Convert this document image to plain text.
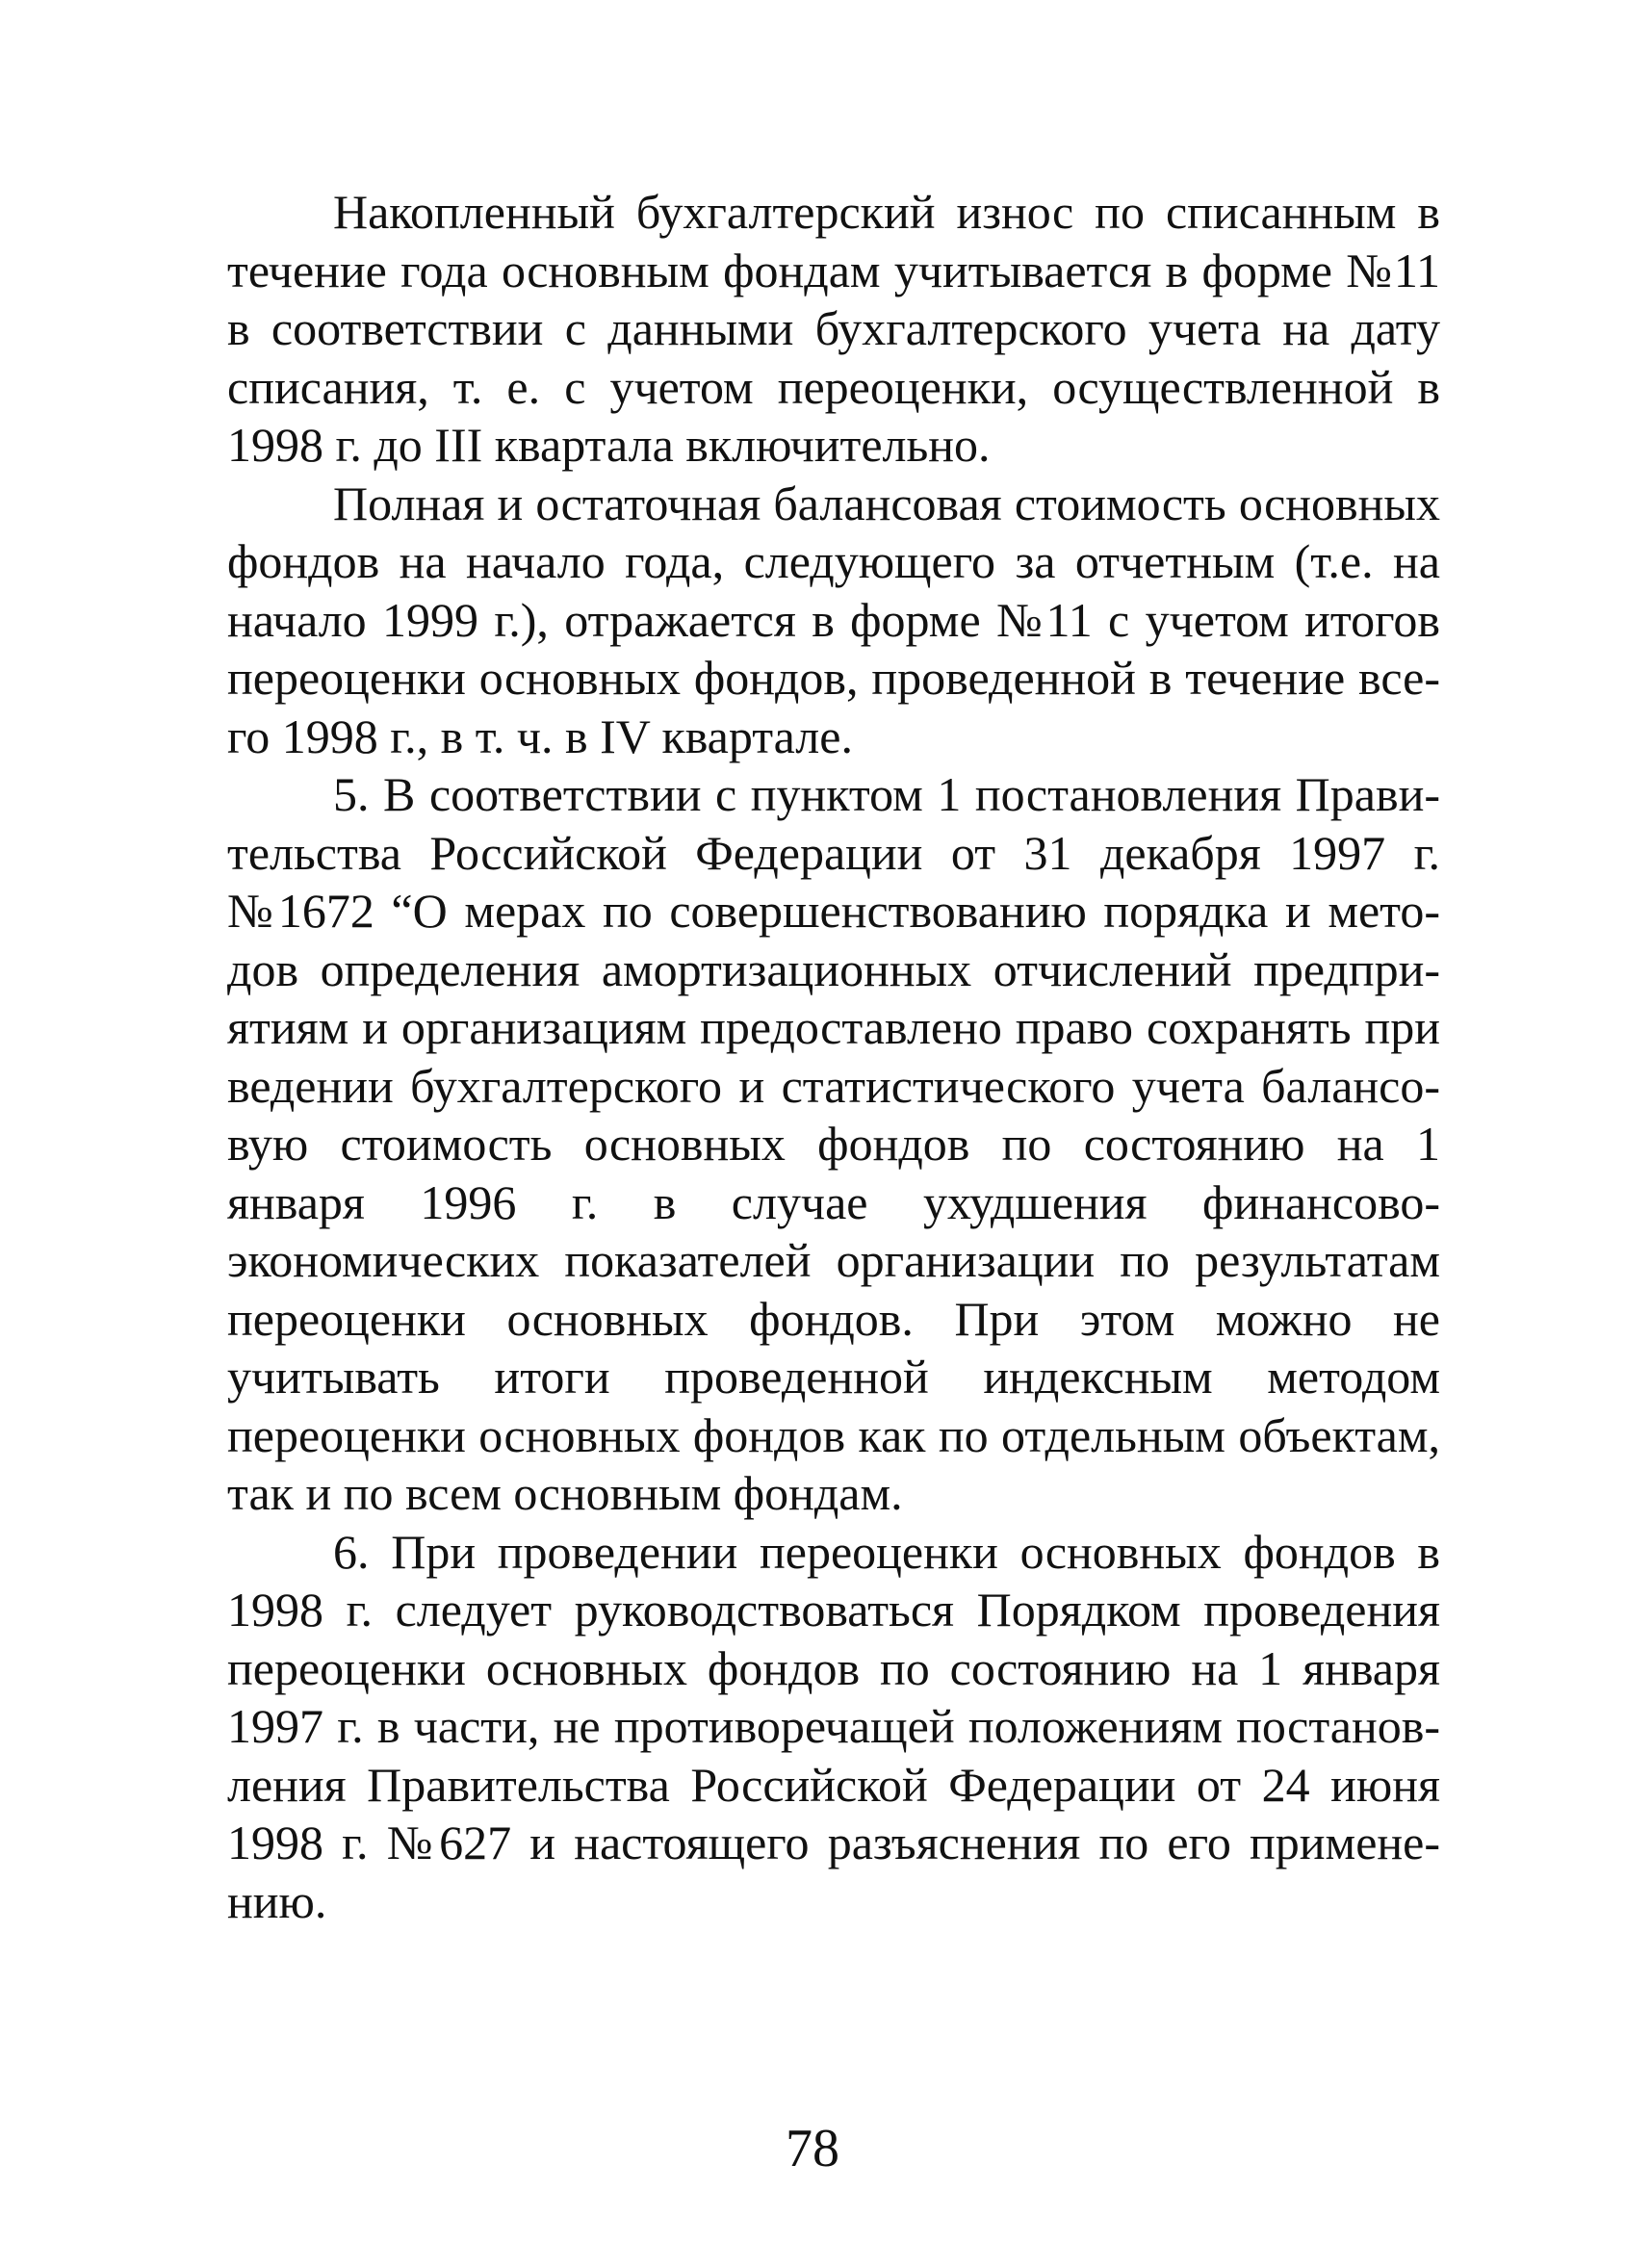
Накопленный бухгалтерский износ по списанным в течение года основным фондам учитывается в форме №11 в соответствии с данными бухгалтерского учета на дату списания, т. е. с учетом переоценки, осуществленной в 1998 г. до III квартала включительно.

Полная и остаточная балансовая стоимость основных фондов на начало года, следующего за отчетным (т.е. на начало 1999 г.), отражается в форме №11 с учетом итогов переоценки основных фондов, проведенной в течение всего 1998 г., в т. ч. в IV квартале.

5. В соответствии с пунктом 1 постановления Правительства Российской Федерации от 31 декабря 1997 г. №1672 “О мерах по совершенствованию порядка и методов определения амортизационных отчислений предприятиям и организациям предоставлено право сохранять при ведении бухгалтерского и статистического учета балансовую стоимость основных фондов по состоянию на 1 января 1996 г. в случае ухудшения финансово-экономических показателей организации по результатам переоценки основных фондов. При этом можно не учитывать итоги проведенной индексным методом переоценки основных фондов как по отдельным объектам, так и по всем основным фондам.

6. При проведении переоценки основных фондов в 1998 г. следует руководствоваться Порядком проведения переоценки основных фондов по состоянию на 1 января 1997 г. в части, не противоречащей положениям постановления Правительства Российской Федерации от 24 июня 1998 г. №627 и настоящего разъяснения по его применению.

78
